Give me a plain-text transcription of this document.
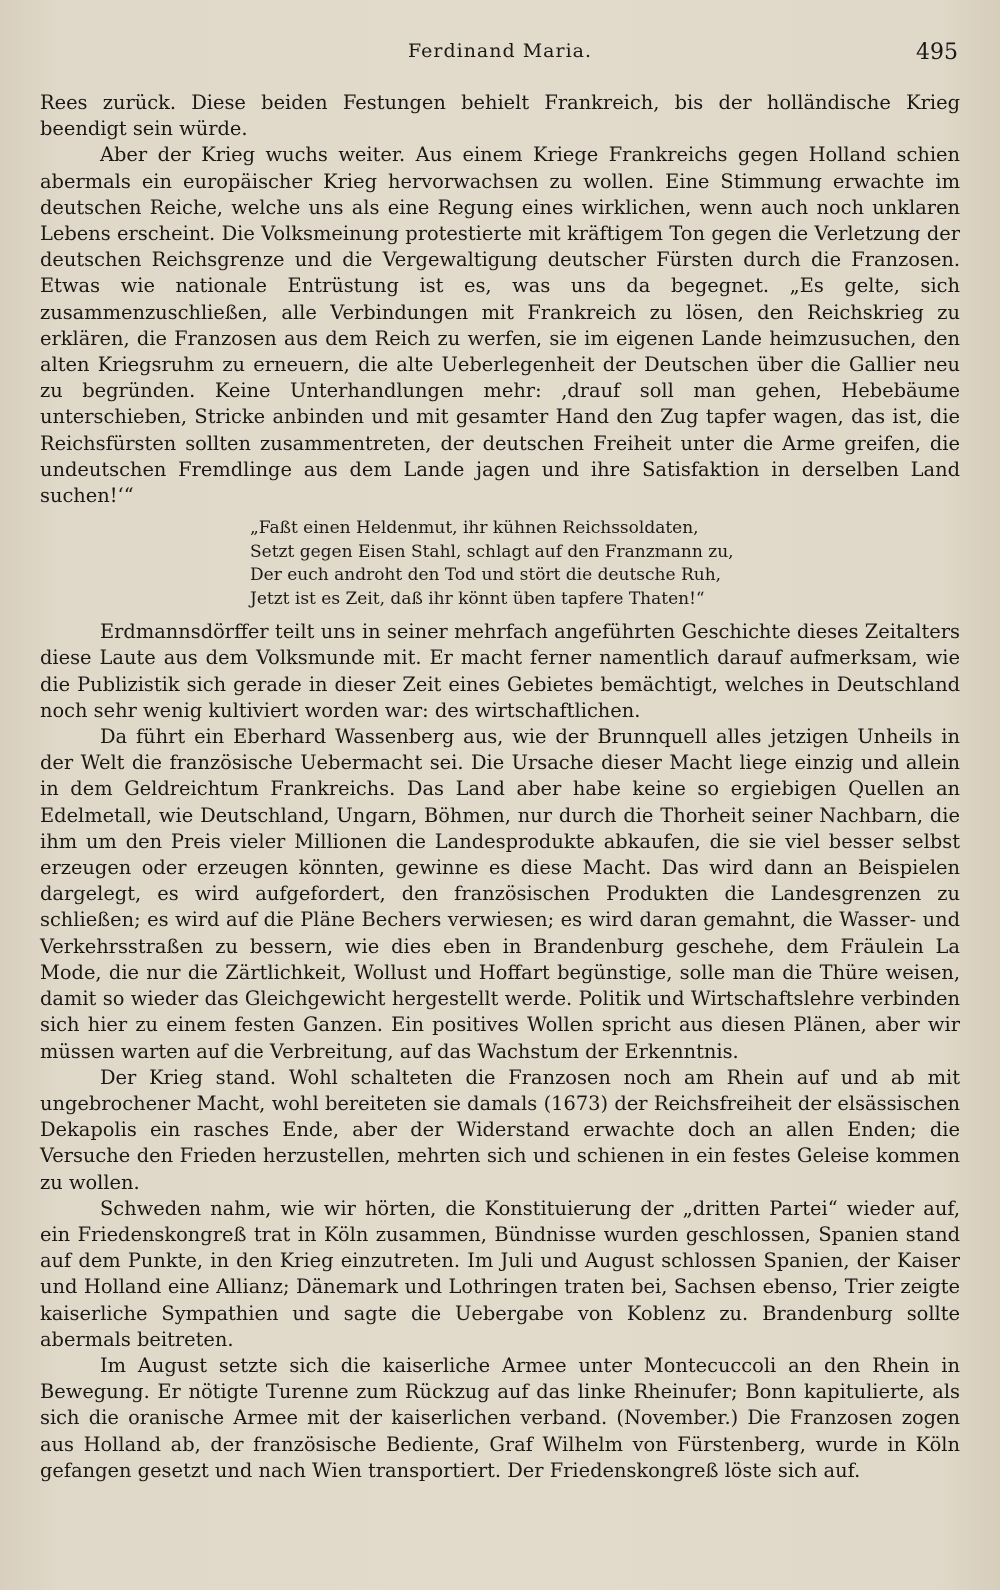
Ferdinand Maria.	495

Rees zurück. Diese beiden Festungen behielt Frankreich, bis der holländische Krieg beendigt sein würde.

Aber der Krieg wuchs weiter. Aus einem Kriege Frankreichs gegen Holland schien abermals ein europäischer Krieg hervorwachsen zu wollen. Eine Stimmung erwachte im deutschen Reiche, welche uns als eine Regung eines wirklichen, wenn auch noch unklaren Lebens erscheint. Die Volksmeinung protestierte mit kräftigem Ton gegen die Verletzung der deutschen Reichsgrenze und die Vergewaltigung deutscher Fürsten durch die Franzosen. Etwas wie nationale Entrüstung ist es, was uns da begegnet. „Es gelte, sich zusammenzuschließen, alle Verbindungen mit Frankreich zu lösen, den Reichskrieg zu erklären, die Franzosen aus dem Reich zu werfen, sie im eigenen Lande heimzusuchen, den alten Kriegsruhm zu erneuern, die alte Ueberlegenheit der Deutschen über die Gallier neu zu begründen. Keine Unterhandlungen mehr: ‚drauf soll man gehen, Hebebäume unterschieben, Stricke anbinden und mit gesamter Hand den Zug tapfer wagen, das ist, die Reichsfürsten sollten zusammentreten, der deutschen Freiheit unter die Arme greifen, die undeutschen Fremdlinge aus dem Lande jagen und ihre Satisfaktion in derselben Land suchen!‘“

„Faßt einen Heldenmut, ihr kühnen Reichssoldaten,
Setzt gegen Eisen Stahl, schlagt auf den Franzmann zu,
Der euch androht den Tod und stört die deutsche Ruh,
Jetzt ist es Zeit, daß ihr könnt üben tapfere Thaten!“

Erdmannsdörffer teilt uns in seiner mehrfach angeführten Geschichte dieses Zeitalters diese Laute aus dem Volksmunde mit. Er macht ferner namentlich darauf aufmerksam, wie die Publizistik sich gerade in dieser Zeit eines Gebietes bemächtigt, welches in Deutschland noch sehr wenig kultiviert worden war: des wirtschaftlichen.

Da führt ein Eberhard Wassenberg aus, wie der Brunnquell alles jetzigen Unheils in der Welt die französische Uebermacht sei. Die Ursache dieser Macht liege einzig und allein in dem Geldreichtum Frankreichs. Das Land aber habe keine so ergiebigen Quellen an Edelmetall, wie Deutschland, Ungarn, Böhmen, nur durch die Thorheit seiner Nachbarn, die ihm um den Preis vieler Millionen die Landesprodukte abkaufen, die sie viel besser selbst erzeugen oder erzeugen könnten, gewinne es diese Macht. Das wird dann an Beispielen dargelegt, es wird aufgefordert, den französischen Produkten die Landesgrenzen zu schließen; es wird auf die Pläne Bechers verwiesen; es wird daran gemahnt, die Wasser- und Verkehrsstraßen zu bessern, wie dies eben in Brandenburg geschehe, dem Fräulein La Mode, die nur die Zärtlichkeit, Wollust und Hoffart begünstige, solle man die Thüre weisen, damit so wieder das Gleichgewicht hergestellt werde. Politik und Wirtschaftslehre verbinden sich hier zu einem festen Ganzen. Ein positives Wollen spricht aus diesen Plänen, aber wir müssen warten auf die Verbreitung, auf das Wachstum der Erkenntnis.

Der Krieg stand. Wohl schalteten die Franzosen noch am Rhein auf und ab mit ungebrochener Macht, wohl bereiteten sie damals (1673) der Reichsfreiheit der elsässischen Dekapolis ein rasches Ende, aber der Widerstand erwachte doch an allen Enden; die Versuche den Frieden herzustellen, mehrten sich und schienen in ein festes Geleise kommen zu wollen.

Schweden nahm, wie wir hörten, die Konstituierung der „dritten Partei“ wieder auf, ein Friedenskongreß trat in Köln zusammen, Bündnisse wurden geschlossen, Spanien stand auf dem Punkte, in den Krieg einzutreten. Im Juli und August schlossen Spanien, der Kaiser und Holland eine Allianz; Dänemark und Lothringen traten bei, Sachsen ebenso, Trier zeigte kaiserliche Sympathien und sagte die Uebergabe von Koblenz zu. Brandenburg sollte abermals beitreten.

Im August setzte sich die kaiserliche Armee unter Montecuccoli an den Rhein in Bewegung. Er nötigte Turenne zum Rückzug auf das linke Rheinufer; Bonn kapitulierte, als sich die oranische Armee mit der kaiserlichen verband. (November.) Die Franzosen zogen aus Holland ab, der französische Bediente, Graf Wilhelm von Fürstenberg, wurde in Köln gefangen gesetzt und nach Wien transportiert. Der Friedenskongreß löste sich auf.
